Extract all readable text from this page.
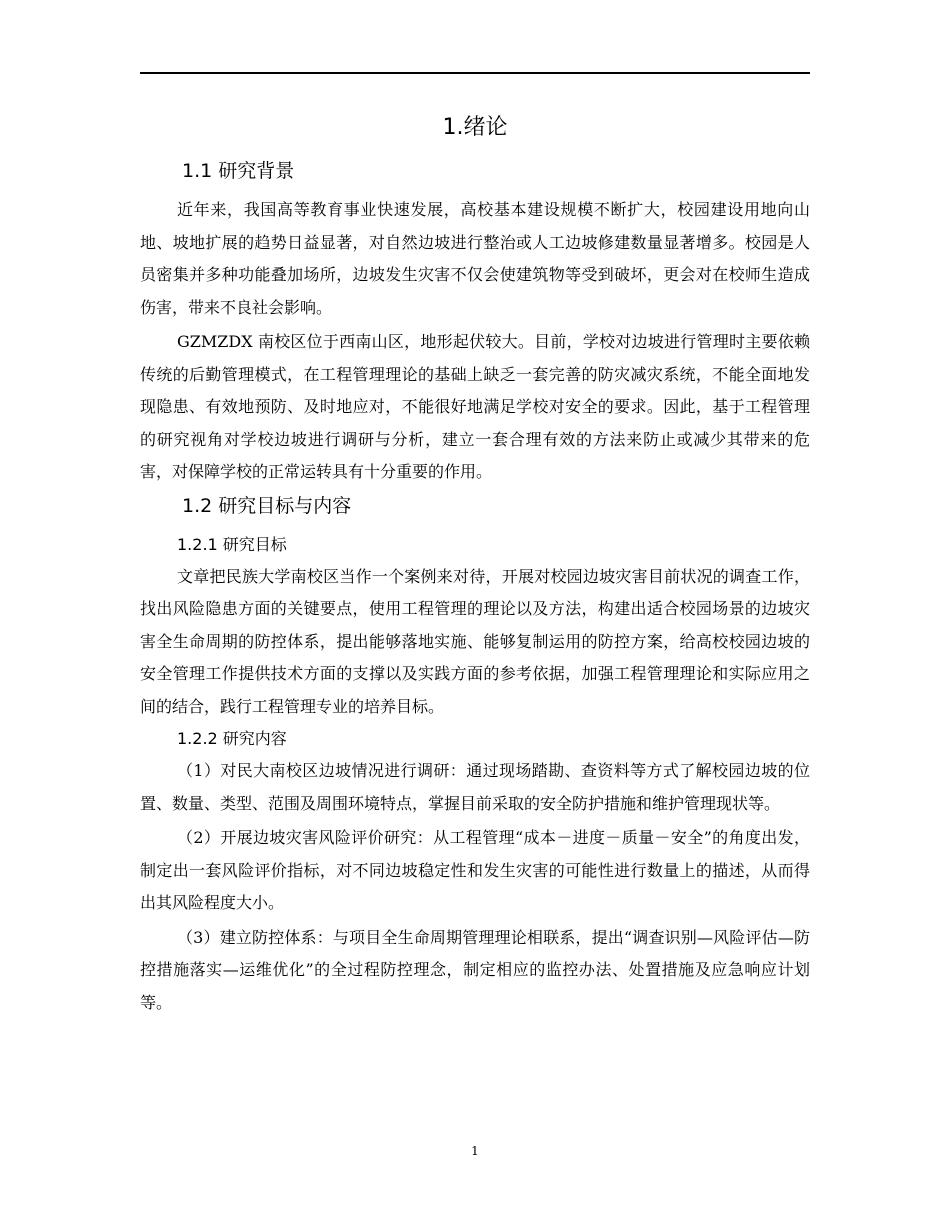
1.绪论
1.1 研究背景

近年来，我国高等教育事业快速发展，高校基本建设规模不断扩大，校园建设用地向山地、坡地扩展的趋势日益显著，对自然边坡进行整治或人工边坡修建数量显著增多。校园是人员密集并多种功能叠加场所，边坡发生灾害不仅会使建筑物等受到破坏，更会对在校师生造成伤害，带来不良社会影响。

GZMZDX 南校区位于西南山区，地形起伏较大。目前，学校对边坡进行管理时主要依赖传统的后勤管理模式，在工程管理理论的基础上缺乏一套完善的防灾减灾系统，不能全面地发现隐患、有效地预防、及时地应对，不能很好地满足学校对安全的要求。因此，基于工程管理的研究视角对学校边坡进行调研与分析，建立一套合理有效的方法来防止或减少其带来的危害，对保障学校的正常运转具有十分重要的作用。

1.2 研究目标与内容
1.2.1 研究目标

文章把民族大学南校区当作一个案例来对待，开展对校园边坡灾害目前状况的调查工作，找出风险隐患方面的关键要点，使用工程管理的理论以及方法，构建出适合校园场景的边坡灾害全生命周期的防控体系，提出能够落地实施、能够复制运用的防控方案，给高校校园边坡的安全管理工作提供技术方面的支撑以及实践方面的参考依据，加强工程管理理论和实际应用之间的结合，践行工程管理专业的培养目标。

1.2.2 研究内容

（1）对民大南校区边坡情况进行调研：通过现场踏勘、查资料等方式了解校园边坡的位置、数量、类型、范围及周围环境特点，掌握目前采取的安全防护措施和维护管理现状等。

（2）开展边坡灾害风险评价研究：从工程管理“成本－进度－质量－安全”的角度出发，制定出一套风险评价指标，对不同边坡稳定性和发生灾害的可能性进行数量上的描述，从而得出其风险程度大小。

（3）建立防控体系：与项目全生命周期管理理论相联系，提出“调查识别—风险评估—防控措施落实—运维优化”的全过程防控理念，制定相应的监控办法、处置措施及应急响应计划等。

1
